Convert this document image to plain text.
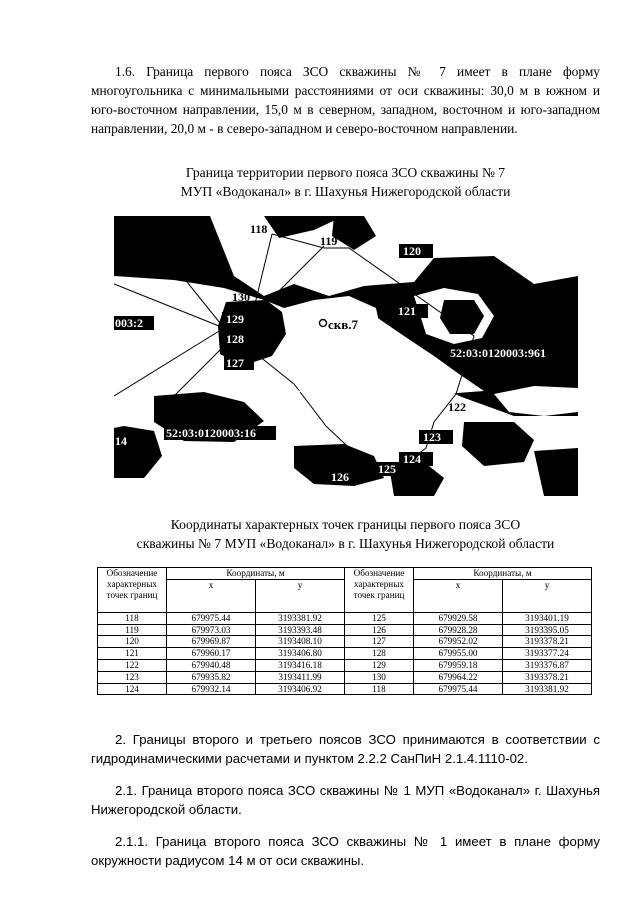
1.6. Граница первого пояса ЗСО скважины № 7 имеет в плане форму многоугольника с минимальными расстояниями от оси скважины: 30,0 м в южном и юго-восточном направлении, 15,0 м в северном, западном, восточном и юго-западном направлении, 20,0 м - в северо-западном и северо-восточном направлении.

Граница территории первого пояса ЗСО скважины № 7

МУП «Водоканал» в г. Шахунья Нижегородской области

118
119
120
121
122
123
124
125
126
127
128
129
130
003:2
52:03:0120003:16
52:03:0120003:961
14
скв.7

Координаты характерных точек границы первого пояса ЗСО

скважины № 7 МУП «Водоканал» в г. Шахунья Нижегородской области

Обозначение характерных точек границ	Координаты, м		Обозначение характерных точек границ	Координаты, м	
	x	y		x	y
118	679975.44	3193381.92	125	679929.58	3193401.19
119	679973.03	3193393.48	126	679928.28	3193395.05
120	679969.87	3193408.10	127	679952.02	3193378.21
121	679960.17	3193406.80	128	679955.00	3193377.24
122	679940.48	3193416.18	129	679959.18	3193376.87
123	679935.82	3193411.99	130	679964.22	3193378.21
124	679932.14	3193406.92	118	679975.44	3193381.92

2. Границы второго и третьего поясов ЗСО принимаются в соответствии с гидродинамическими расчетами и пунктом 2.2.2 СанПиН 2.1.4.1110-02.

2.1. Граница второго пояса ЗСО скважины № 1 МУП «Водоканал» г. Шахунья Нижегородской области.

2.1.1. Граница второго пояса ЗСО скважины № 1 имеет в плане форму окружности радиусом 14 м от оси скважины.
